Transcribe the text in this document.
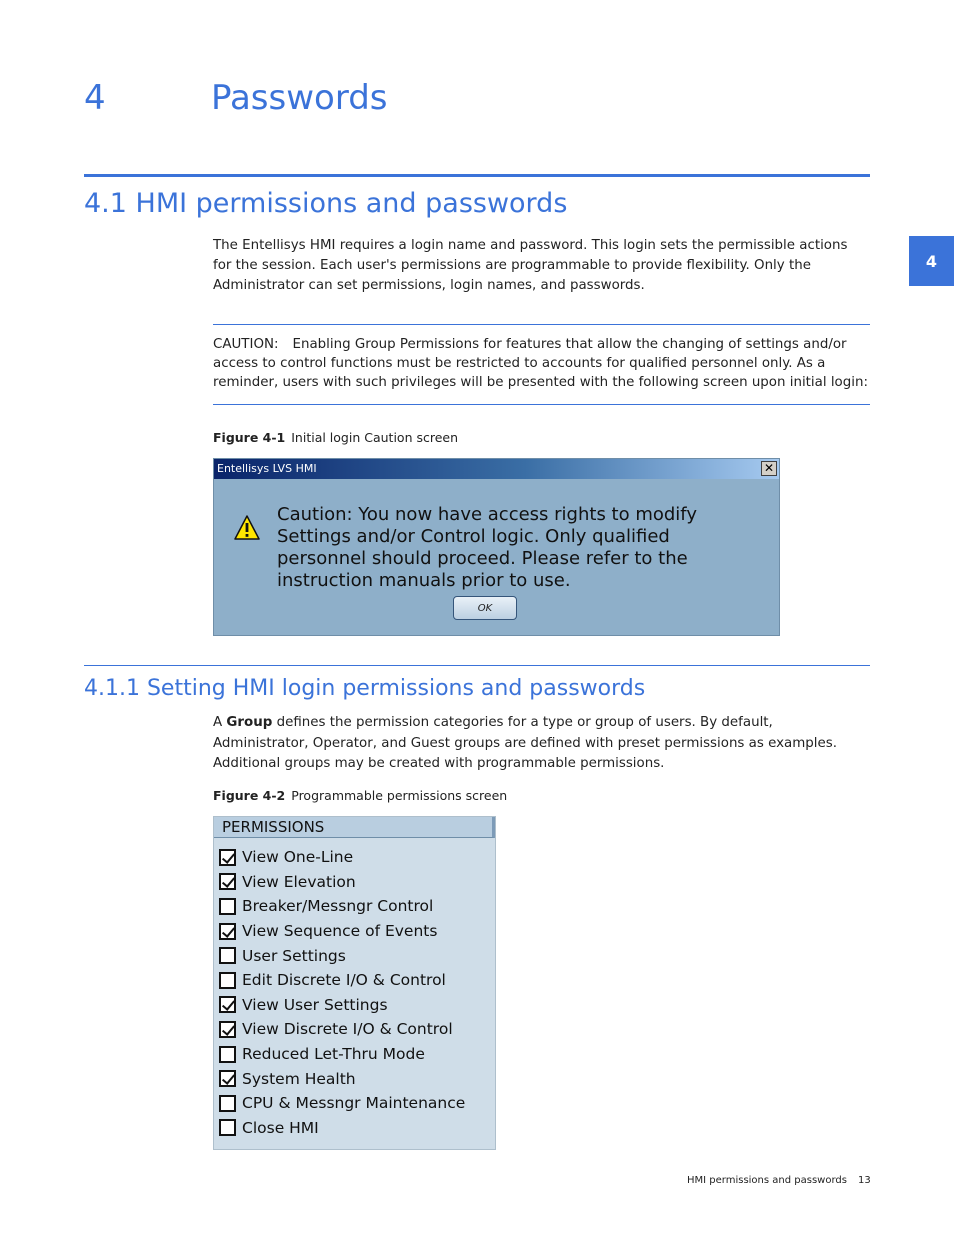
4	Passwords
4.1 HMI permissions and passwords
4

The Entellisys HMI requires a login name and password. This login sets the permissible actions for the session. Each user's permissions are programmable to provide flexibility. Only the Administrator can set permissions, login names, and passwords.

CAUTION: Enabling Group Permissions for features that allow the changing of settings and/or access to control functions must be restricted to accounts for qualified personnel only. As a reminder, users with such privileges will be presented with the following screen upon initial login:

Figure 4-1 Initial login Caution screen
Entellisys LVS HMI	✕
Caution: You now have access rights to modify Settings and/or Control logic. Only qualified personnel should proceed. Please refer to the instruction manuals prior to use.
OK
4.1.1 Setting HMI login permissions and passwords

A Group defines the permission categories for a type or group of users. By default, Administrator, Operator, and Guest groups are defined with preset permissions as examples. Additional groups may be created with programmable permissions.

Figure 4-2 Programmable permissions screen
PERMISSIONS
View One-Line
View Elevation
Breaker/Messngr Control
View Sequence of Events
User Settings
Edit Discrete I/O & Control
View User Settings
View Discrete I/O & Control
Reduced Let-Thru Mode
System Health
CPU & Messngr Maintenance
Close HMI
HMI permissions and passwords 13
